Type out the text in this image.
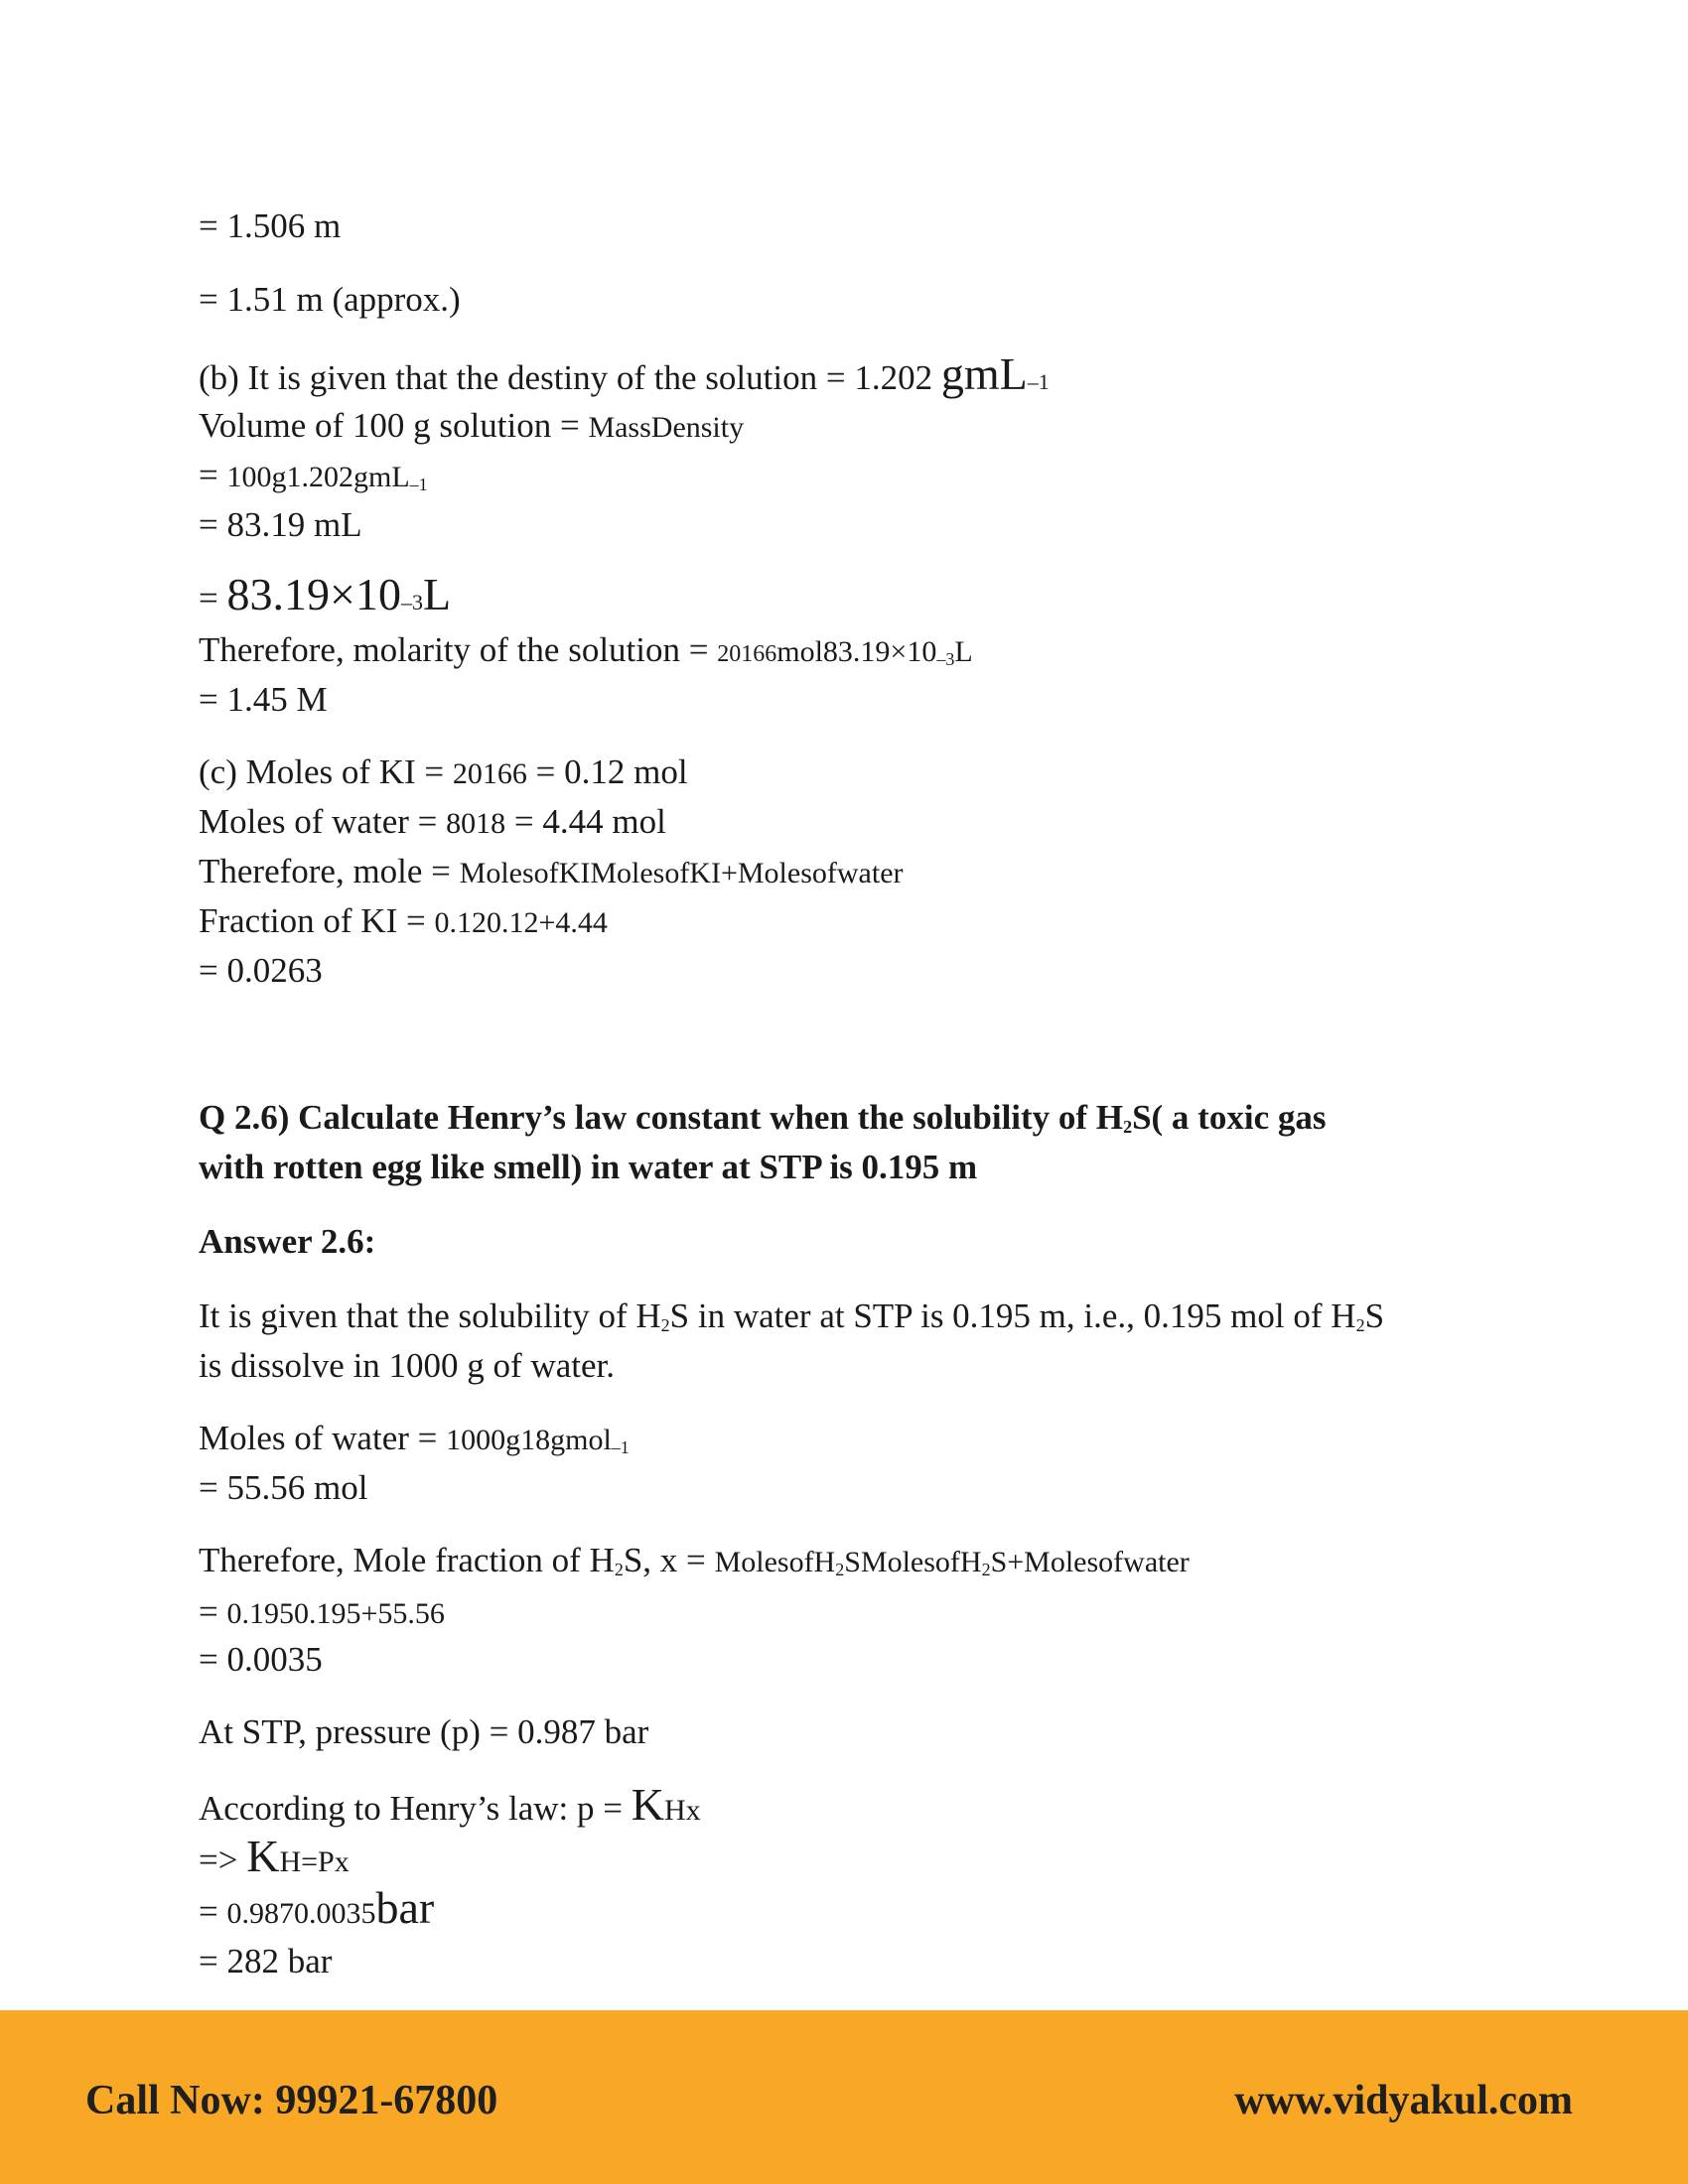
= 1.506 m
= 1.51 m (approx.)
(b) It is given that the destiny of the solution = 1.202 gmL–1
Volume of 100 g solution = MassDensity
= 100g1.202gmL$_{-1}$
= 83.19 mL
= 83.19×10–3L
Therefore, molarity of the solution = $20166mol83.19\times 10_{-3}L$
= 1.45 M
(c) Moles of KI = 20166 = 0.12 mol
Moles of water = 8018 = 4.44 mol
Therefore, mole = MolesofKIMolesofKI+Molesofwater
Fraction of KI = 0.120.12+4.44
= 0.0263
Q 2.6) Calculate Henry’s law constant when the solubility of $H_2S$( a toxic gas
with rotten egg like smell) in water at STP is 0.195 m
Answer 2.6:
It is given that the solubility of $H_2S$ in water at STP is 0.195 m, i.e., 0.195 mol of $H_2S$
is dissolve in 1000 g of water.
Moles of water = 1000g18gmol$_{-1}$
= 55.56 mol
Therefore, Mole fraction of $H_2S$, x = MolesofH$_2$SMolesofH$_2$S+Molesofwater
= 0.1950.195+55.56
= 0.0035
At STP, pressure (p) = 0.987 bar
According to Henry’s law: p = KHx
=> KH=Px
= 0.9870.0035bar
= 282 bar
Call Now: 99921-67800	www.vidyakul.com
